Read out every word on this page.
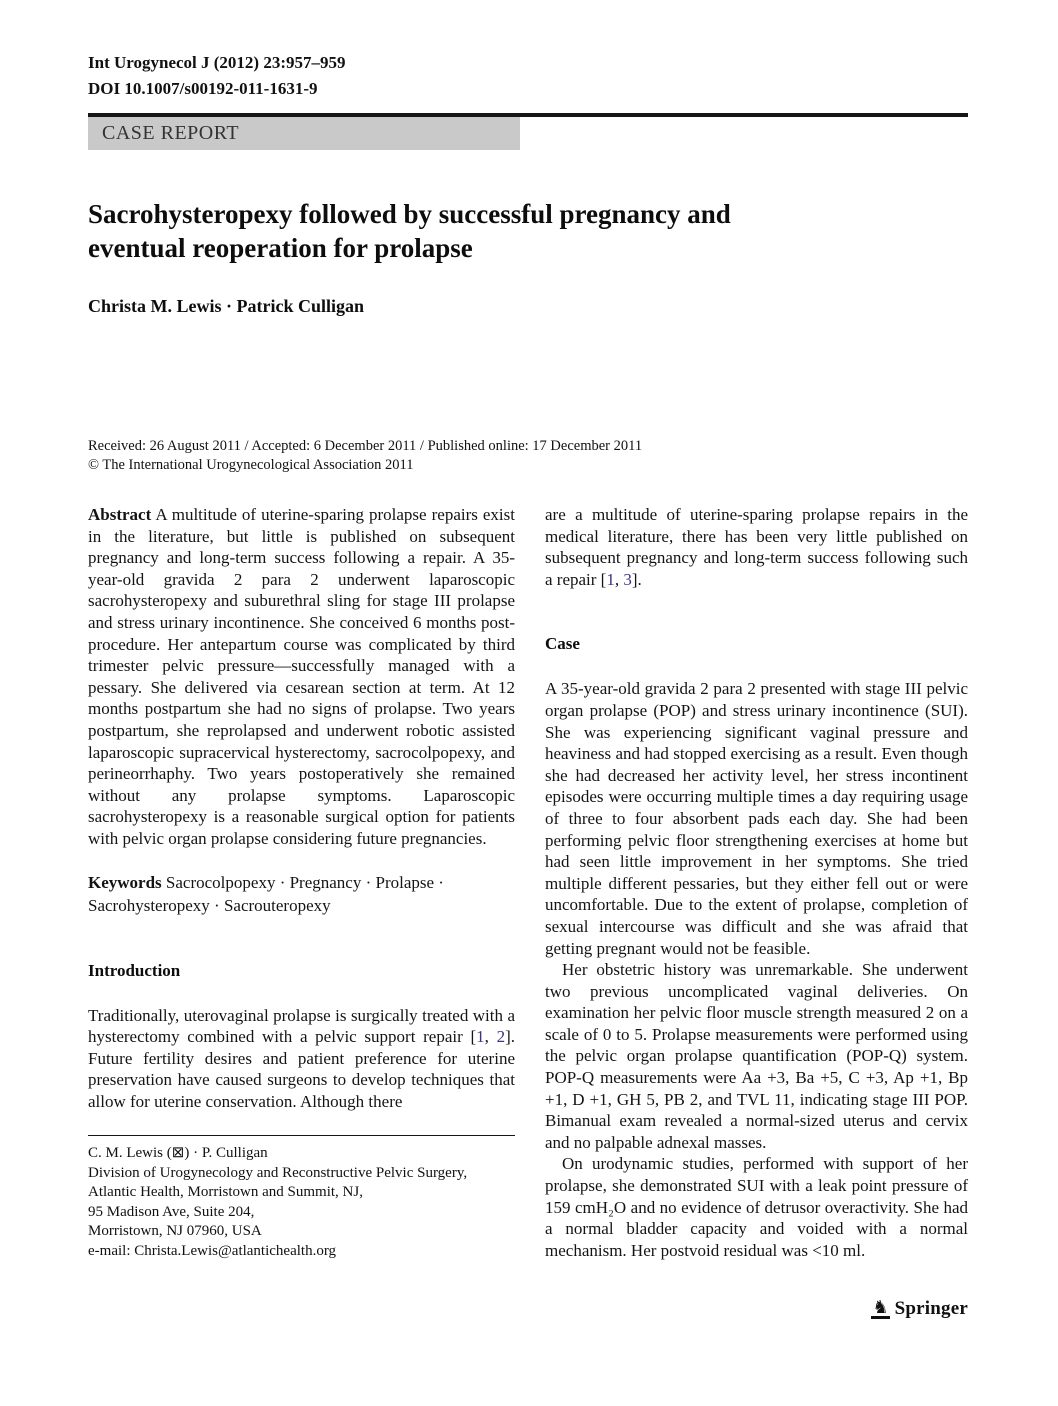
Int Urogynecol J (2012) 23:957–959
DOI 10.1007/s00192-011-1631-9
CASE REPORT
Sacrohysteropexy followed by successful pregnancy and eventual reoperation for prolapse
Christa M. Lewis · Patrick Culligan
Received: 26 August 2011 / Accepted: 6 December 2011 / Published online: 17 December 2011
© The International Urogynecological Association 2011

Abstract A multitude of uterine-sparing prolapse repairs exist in the literature, but little is published on subsequent pregnancy and long-term success following a repair. A 35-year-old gravida 2 para 2 underwent laparoscopic sacrohysteropexy and suburethral sling for stage III prolapse and stress urinary incontinence. She conceived 6 months post-procedure. Her antepartum course was complicated by third trimester pelvic pressure—successfully managed with a pessary. She delivered via cesarean section at term. At 12 months postpartum she had no signs of prolapse. Two years postpartum, she reprolapsed and underwent robotic assisted laparoscopic supracervical hysterectomy, sacrocolpopexy, and perineorrhaphy. Two years postoperatively she remained without any prolapse symptoms. Laparoscopic sacrohysteropexy is a reasonable surgical option for patients with pelvic organ prolapse considering future pregnancies.

Keywords Sacrocolpopexy · Pregnancy · Prolapse · Sacrohysteropexy · Sacrouteropexy

Introduction

Traditionally, uterovaginal prolapse is surgically treated with a hysterectomy combined with a pelvic support repair [1, 2]. Future fertility desires and patient preference for uterine preservation have caused surgeons to develop techniques that allow for uterine conservation. Although there

C. M. Lewis (⊠) · P. Culligan

Division of Urogynecology and Reconstructive Pelvic Surgery,

Atlantic Health, Morristown and Summit, NJ,

95 Madison Ave, Suite 204,

Morristown, NJ 07960, USA

e-mail: Christa.Lewis@atlantichealth.org

are a multitude of uterine-sparing prolapse repairs in the medical literature, there has been very little published on subsequent pregnancy and long-term success following such a repair [1, 3].

Case

A 35-year-old gravida 2 para 2 presented with stage III pelvic organ prolapse (POP) and stress urinary incontinence (SUI). She was experiencing significant vaginal pressure and heaviness and had stopped exercising as a result. Even though she had decreased her activity level, her stress incontinent episodes were occurring multiple times a day requiring usage of three to four absorbent pads each day. She had been performing pelvic floor strengthening exercises at home but had seen little improvement in her symptoms. She tried multiple different pessaries, but they either fell out or were uncomfortable. Due to the extent of prolapse, completion of sexual intercourse was difficult and she was afraid that getting pregnant would not be feasible.

Her obstetric history was unremarkable. She underwent two previous uncomplicated vaginal deliveries. On examination her pelvic floor muscle strength measured 2 on a scale of 0 to 5. Prolapse measurements were performed using the pelvic organ prolapse quantification (POP-Q) system. POP-Q measurements were Aa +3, Ba +5, C +3, Ap +1, Bp +1, D +1, GH 5, PB 2, and TVL 11, indicating stage III POP. Bimanual exam revealed a normal-sized uterus and cervix and no palpable adnexal masses.

On urodynamic studies, performed with support of her prolapse, she demonstrated SUI with a leak point pressure of 159 cmH₂O and no evidence of detrusor overactivity. She had a normal bladder capacity and voided with a normal mechanism. Her postvoid residual was <10 ml.

♞ Springer
